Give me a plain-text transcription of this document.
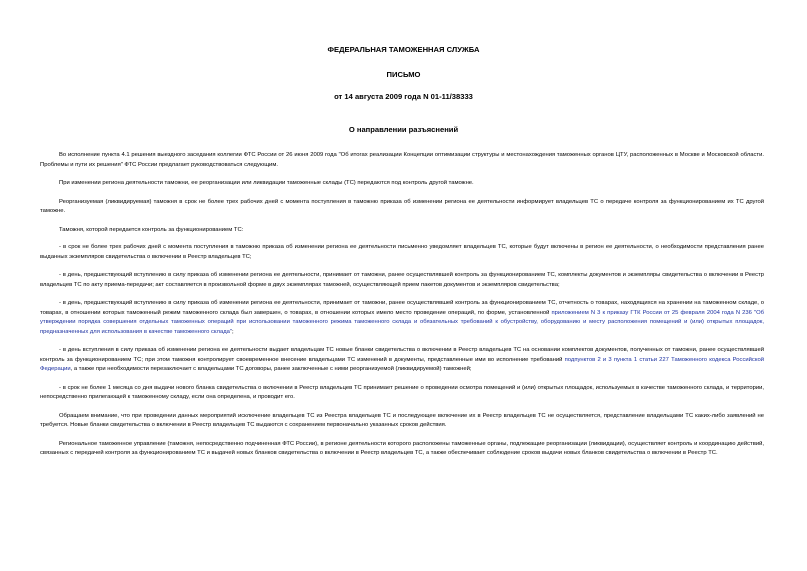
ФЕДЕРАЛЬНАЯ ТАМОЖЕННАЯ СЛУЖБА
ПИСЬМО
от 14 августа 2009 года N 01-11/38333
О направлении разъяснений

Во исполнение пункта 4.1 решения выездного заседания коллегии ФТС России от 26 июня 2009 года "Об итогах реализации Концепции оптимизации структуры и местонахождения таможенных органов ЦТУ, расположенных в Москве и Московской области. Проблемы и пути их решения" ФТС России предлагает руководствоваться следующим.

При изменении региона деятельности таможни, ее реорганизации или ликвидации таможенные склады (ТС) передаются под контроль другой таможне.

Реорганизуемая (ликвидируемая) таможня в срок не более трех рабочих дней с момента поступления в таможню приказа об изменении региона ее деятельности информирует владельцев ТС о передаче контроля за функционированием их ТС другой таможне.

Таможня, которой передается контроль за функционированием ТС:

- в срок не более трех рабочих дней с момента поступления в таможню приказа об изменении региона ее деятельности письменно уведомляет владельцев ТС, которые будут включены в регион ее деятельности, о необходимости представления ранее выданных экземпляров свидетельства о включении в Реестр владельцев ТС;

- в день, предшествующий вступлению в силу приказа об изменении региона ее деятельности, принимает от таможни, ранее осуществлявшей контроль за функционированием ТС, комплекты документов и экземпляры свидетельства о включении в Реестр владельцев ТС по акту приема-передачи; акт составляется в произвольной форме в двух экземплярах таможней, осуществляющей прием пакетов документов и экземпляров свидетельства;

- в день, предшествующий вступлению в силу приказа об изменении региона ее деятельности, принимает от таможни, ранее осуществлявшей контроль за функционированием ТС, отчетность о товарах, находящихся на хранении на таможенном складе, о товарах, в отношении которых таможенный режим таможенного склада был завершен, о товарах, в отношении которых имело место проведение операций, по форме, установленной приложением N 3 к приказу ГТК России от 25 февраля 2004 года N 236 "Об утверждении порядка совершения отдельных таможенных операций при использовании таможенного режима таможенного склада и обязательных требований к обустройству, оборудованию и месту расположения помещений и (или) открытых площадок, предназначенных для использования в качестве таможенного склада";

- в день вступления в силу приказа об изменении региона ее деятельности выдает владельцам ТС новые бланки свидетельства о включении в Реестр владельцев ТС на основании комплектов документов, полученных от таможни, ранее осуществлявшей контроль за функционированием ТС; при этом таможня контролирует своевременное внесение владельцами ТС изменений в документы, представленные ими во исполнение требований подпунктов 2 и 3 пункта 1 статьи 227 Таможенного кодекса Российской Федерации, а также при необходимости перезаключает с владельцами ТС договоры, ранее заключенные с ними реорганизуемой (ликвидируемой) таможней;

- в срок не более 1 месяца со дня выдачи нового бланка свидетельства о включении в Реестр владельцев ТС принимает решение о проведении осмотра помещений и (или) открытых площадок, используемых в качестве таможенного склада, и территории, непосредственно прилегающей к таможенному складу, если она определена, и проводит его.

Обращаем внимание, что при проведении данных мероприятий исключение владельцев ТС из Реестра владельцев ТС и последующее включение их в Реестр владельцев ТС не осуществляется, представление владельцами ТС каких-либо заявлений не требуется. Новые бланки свидетельства о включении в Реестр владельцев ТС выдаются с сохранением первоначально указанных сроков действия.

Региональное таможенное управление (таможня, непосредственно подчиненная ФТС России), в регионе деятельности которого расположены таможенные органы, подлежащие реорганизации (ликвидации), осуществляет контроль и координацию действий, связанных с передачей контроля за функционированием ТС и выдачей новых бланков свидетельства о включении в Реестр владельцев ТС, а также обеспечивает соблюдение сроков выдачи новых бланков свидетельства о включении в Реестр ТС.
